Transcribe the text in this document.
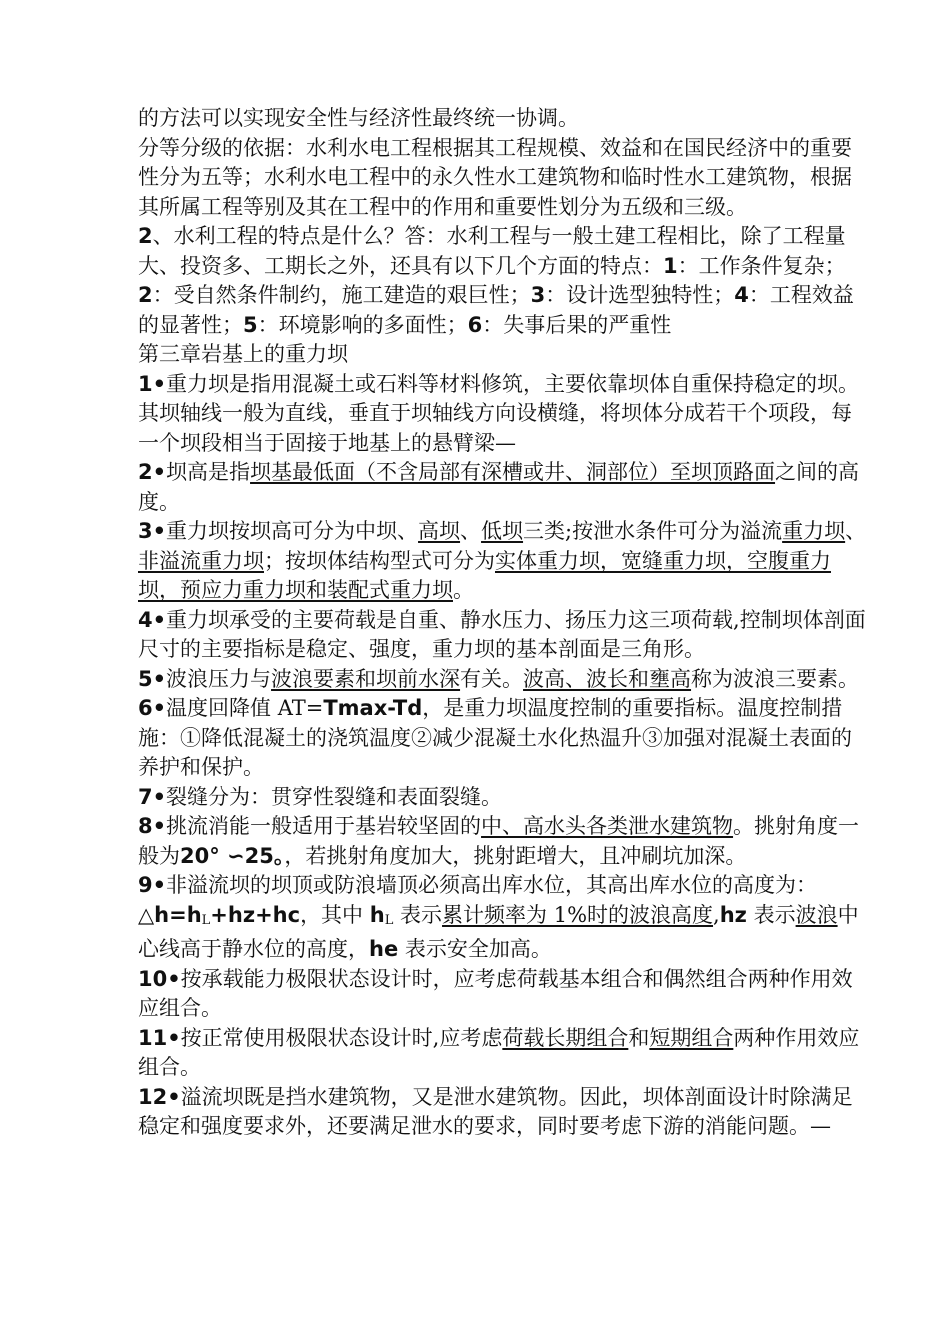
的方法可以实现安全性与经济性最终统一协调。

分等分级的依据：水利水电工程根据其工程规模、效益和在国民经济中的重要性分为五等；水利水电工程中的永久性水工建筑物和临时性水工建筑物，根据其所属工程等别及其在工程中的作用和重要性划分为五级和三级。

2、水利工程的特点是什么？答：水利工程与一般土建工程相比，除了工程量大、投资多、工期长之外，还具有以下几个方面的特点：1：工作条件复杂；2：受自然条件制约，施工建造的艰巨性；3：设计选型独特性；4：工程效益的显著性；5：环境影响的多面性；6：失事后果的严重性

第三章岩基上的重力坝

1•重力坝是指用混凝土或石料等材料修筑，主要依靠坝体自重保持稳定的坝。其坝轴线一般为直线，垂直于坝轴线方向设横缝，将坝体分成若干个项段，每一个坝段相当于固接于地基上的悬臂梁—

2•坝高是指坝基最低面（不含局部有深槽或井、洞部位）至坝顶路面之间的高度。

3•重力坝按坝高可分为中坝、高坝、低坝三类;按泄水条件可分为溢流重力坝、非溢流重力坝；按坝体结构型式可分为实体重力坝，宽缝重力坝，空腹重力坝，预应力重力坝和装配式重力坝。

4•重力坝承受的主要荷载是自重、静水压力、扬压力这三项荷载,控制坝体剖面尺寸的主要指标是稳定、强度，重力坝的基本剖面是三角形。

5•波浪压力与波浪要素和坝前水深有关。波高、波长和壅高称为波浪三要素。

6•温度回降值 AT=Tmax-Td，是重力坝温度控制的重要指标。温度控制措施：①降低混凝土的浇筑温度②减少混凝土水化热温升③加强对混凝土表面的养护和保护。

7•裂缝分为：贯穿性裂缝和表面裂缝。

8•挑流消能一般适用于基岩较坚固的中、高水头各类泄水建筑物。挑射角度一般为20° ∽25。，若挑射角度加大，挑射距增大，且冲刷坑加深。

9•非溢流坝的坝顶或防浪墙顶必须高出库水位，其高出库水位的高度为：△h=hL+hz+hc，其中 hL 表示累计频率为 1%时的波浪高度,hz 表示波浪中心线高于静水位的高度，he 表示安全加高。

10•按承载能力极限状态设计时，应考虑荷载基本组合和偶然组合两种作用效应组合。

11•按正常使用极限状态设计时,应考虑荷载长期组合和短期组合两种作用效应组合。

12•溢流坝既是挡水建筑物，又是泄水建筑物。因此，坝体剖面设计时除满足稳定和强度要求外，还要满足泄水的要求，同时要考虑下游的消能问题。—
